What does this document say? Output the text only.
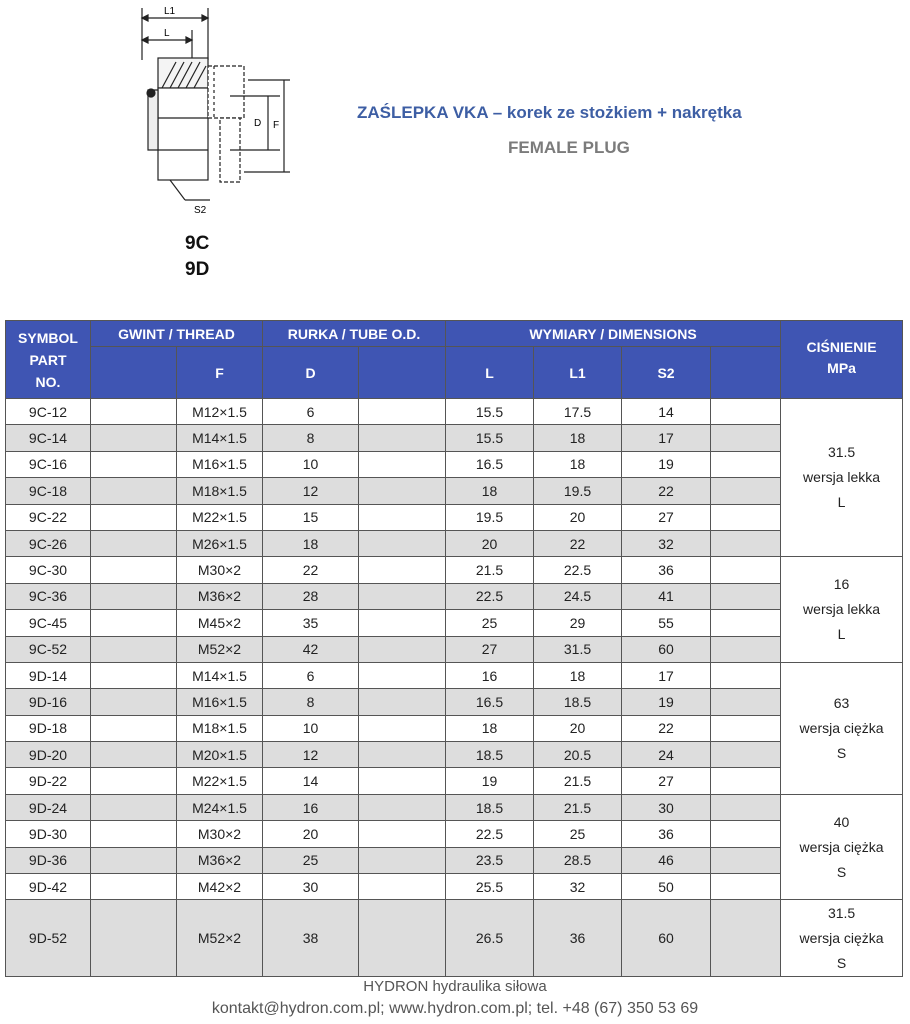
L1
L
D F
S2
9C
9D
ZAŚLEPKA VKA – korek ze stożkiem + nakrętka
FEMALE PLUG
SYMBOL
PART
NO.	GWINT / THREAD		RURKA / TUBE O.D.		WYMIARY / DIMENSIONS				CIŚNIENIE
MPa
		F	D		L	L1	S2		
9C-12		M12×1.5	6		15.5	17.5	14		31.5
wersja lekka
L
9C-14		M14×1.5	8		15.5	18	17		
9C-16		M16×1.5	10		16.5	18	19		
9C-18		M18×1.5	12		18	19.5	22		
9C-22		M22×1.5	15		19.5	20	27		
9C-26		M26×1.5	18		20	22	32		
9C-30		M30×2	22		21.5	22.5	36		16
wersja lekka
L
9C-36		M36×2	28		22.5	24.5	41		
9C-45		M45×2	35		25	29	55		
9C-52		M52×2	42		27	31.5	60		
9D-14		M14×1.5	6		16	18	17		63
wersja ciężka
S
9D-16		M16×1.5	8		16.5	18.5	19		
9D-18		M18×1.5	10		18	20	22		
9D-20		M20×1.5	12		18.5	20.5	24		
9D-22		M22×1.5	14		19	21.5	27		
9D-24		M24×1.5	16		18.5	21.5	30		40
wersja ciężka
S
9D-30		M30×2	20		22.5	25	36		
9D-36		M36×2	25		23.5	28.5	46		
9D-42		M42×2	30		25.5	32	50		
9D-52		M52×2	38		26.5	36	60		31.5
wersja ciężka
S
HYDRON hydraulika siłowa
kontakt@hydron.com.pl; www.hydron.com.pl; tel. +48 (67) 350 53 69
